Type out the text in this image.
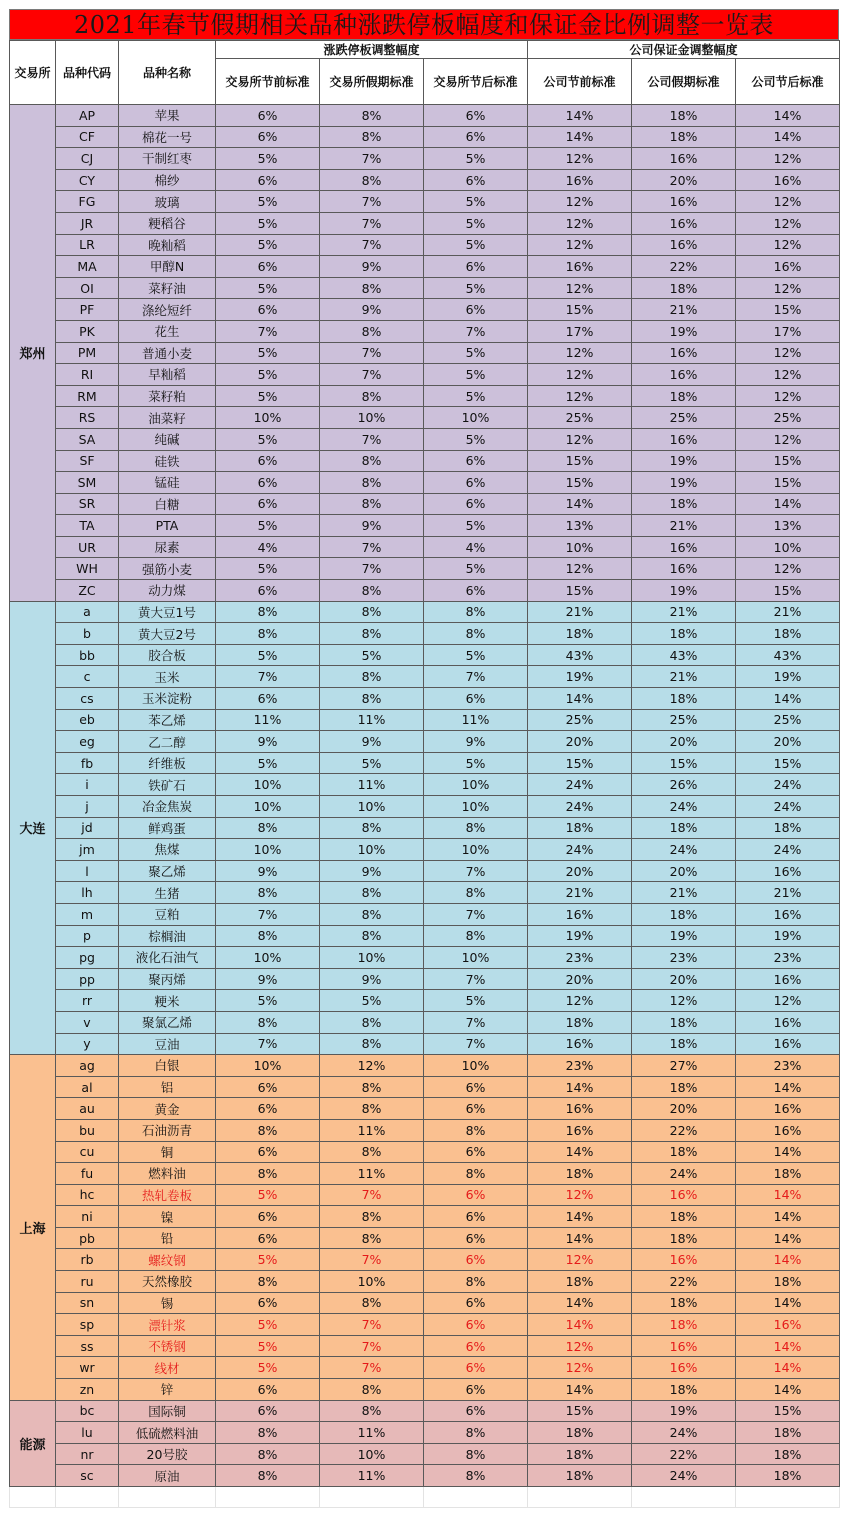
2021年春节假期相关品种涨跌停板幅度和保证金比例调整一览表
交易所	品种代码	品种名称	涨跌停板调整幅度			公司保证金调整幅度		
			交易所节前标准	交易所假期标准	交易所节后标准	公司节前标准	公司假期标准	公司节后标准
郑州	AP	苹果	6%	8%	6%	14%	18%	14%
	CF	棉花一号	6%	8%	6%	14%	18%	14%
	CJ	干制红枣	5%	7%	5%	12%	16%	12%
	CY	棉纱	6%	8%	6%	16%	20%	16%
	FG	玻璃	5%	7%	5%	12%	16%	12%
	JR	粳稻谷	5%	7%	5%	12%	16%	12%
	LR	晚籼稻	5%	7%	5%	12%	16%	12%
	MA	甲醇N	6%	9%	6%	16%	22%	16%
	OI	菜籽油	5%	8%	5%	12%	18%	12%
	PF	涤纶短纤	6%	9%	6%	15%	21%	15%
	PK	花生	7%	8%	7%	17%	19%	17%
	PM	普通小麦	5%	7%	5%	12%	16%	12%
	RI	早籼稻	5%	7%	5%	12%	16%	12%
	RM	菜籽粕	5%	8%	5%	12%	18%	12%
	RS	油菜籽	10%	10%	10%	25%	25%	25%
	SA	纯碱	5%	7%	5%	12%	16%	12%
	SF	硅铁	6%	8%	6%	15%	19%	15%
	SM	锰硅	6%	8%	6%	15%	19%	15%
	SR	白糖	6%	8%	6%	14%	18%	14%
	TA	PTA	5%	9%	5%	13%	21%	13%
	UR	尿素	4%	7%	4%	10%	16%	10%
	WH	强筋小麦	5%	7%	5%	12%	16%	12%
	ZC	动力煤	6%	8%	6%	15%	19%	15%
大连	a	黄大豆1号	8%	8%	8%	21%	21%	21%
	b	黄大豆2号	8%	8%	8%	18%	18%	18%
	bb	胶合板	5%	5%	5%	43%	43%	43%
	c	玉米	7%	8%	7%	19%	21%	19%
	cs	玉米淀粉	6%	8%	6%	14%	18%	14%
	eb	苯乙烯	11%	11%	11%	25%	25%	25%
	eg	乙二醇	9%	9%	9%	20%	20%	20%
	fb	纤维板	5%	5%	5%	15%	15%	15%
	i	铁矿石	10%	11%	10%	24%	26%	24%
	j	冶金焦炭	10%	10%	10%	24%	24%	24%
	jd	鲜鸡蛋	8%	8%	8%	18%	18%	18%
	jm	焦煤	10%	10%	10%	24%	24%	24%
	l	聚乙烯	9%	9%	7%	20%	20%	16%
	lh	生猪	8%	8%	8%	21%	21%	21%
	m	豆粕	7%	8%	7%	16%	18%	16%
	p	棕榈油	8%	8%	8%	19%	19%	19%
	pg	液化石油气	10%	10%	10%	23%	23%	23%
	pp	聚丙烯	9%	9%	7%	20%	20%	16%
	rr	粳米	5%	5%	5%	12%	12%	12%
	v	聚氯乙烯	8%	8%	7%	18%	18%	16%
	y	豆油	7%	8%	7%	16%	18%	16%
上海	ag	白银	10%	12%	10%	23%	27%	23%
	al	铝	6%	8%	6%	14%	18%	14%
	au	黄金	6%	8%	6%	16%	20%	16%
	bu	石油沥青	8%	11%	8%	16%	22%	16%
	cu	铜	6%	8%	6%	14%	18%	14%
	fu	燃料油	8%	11%	8%	18%	24%	18%
	hc	热轧卷板	5%	7%	6%	12%	16%	14%
	ni	镍	6%	8%	6%	14%	18%	14%
	pb	铅	6%	8%	6%	14%	18%	14%
	rb	螺纹钢	5%	7%	6%	12%	16%	14%
	ru	天然橡胶	8%	10%	8%	18%	22%	18%
	sn	锡	6%	8%	6%	14%	18%	14%
	sp	漂针浆	5%	7%	6%	14%	18%	16%
	ss	不锈钢	5%	7%	6%	12%	16%	14%
	wr	线材	5%	7%	6%	12%	16%	14%
	zn	锌	6%	8%	6%	14%	18%	14%
能源	bc	国际铜	6%	8%	6%	15%	19%	15%
	lu	低硫燃料油	8%	11%	8%	18%	24%	18%
	nr	20号胶	8%	10%	8%	18%	22%	18%
	sc	原油	8%	11%	8%	18%	24%	18%
